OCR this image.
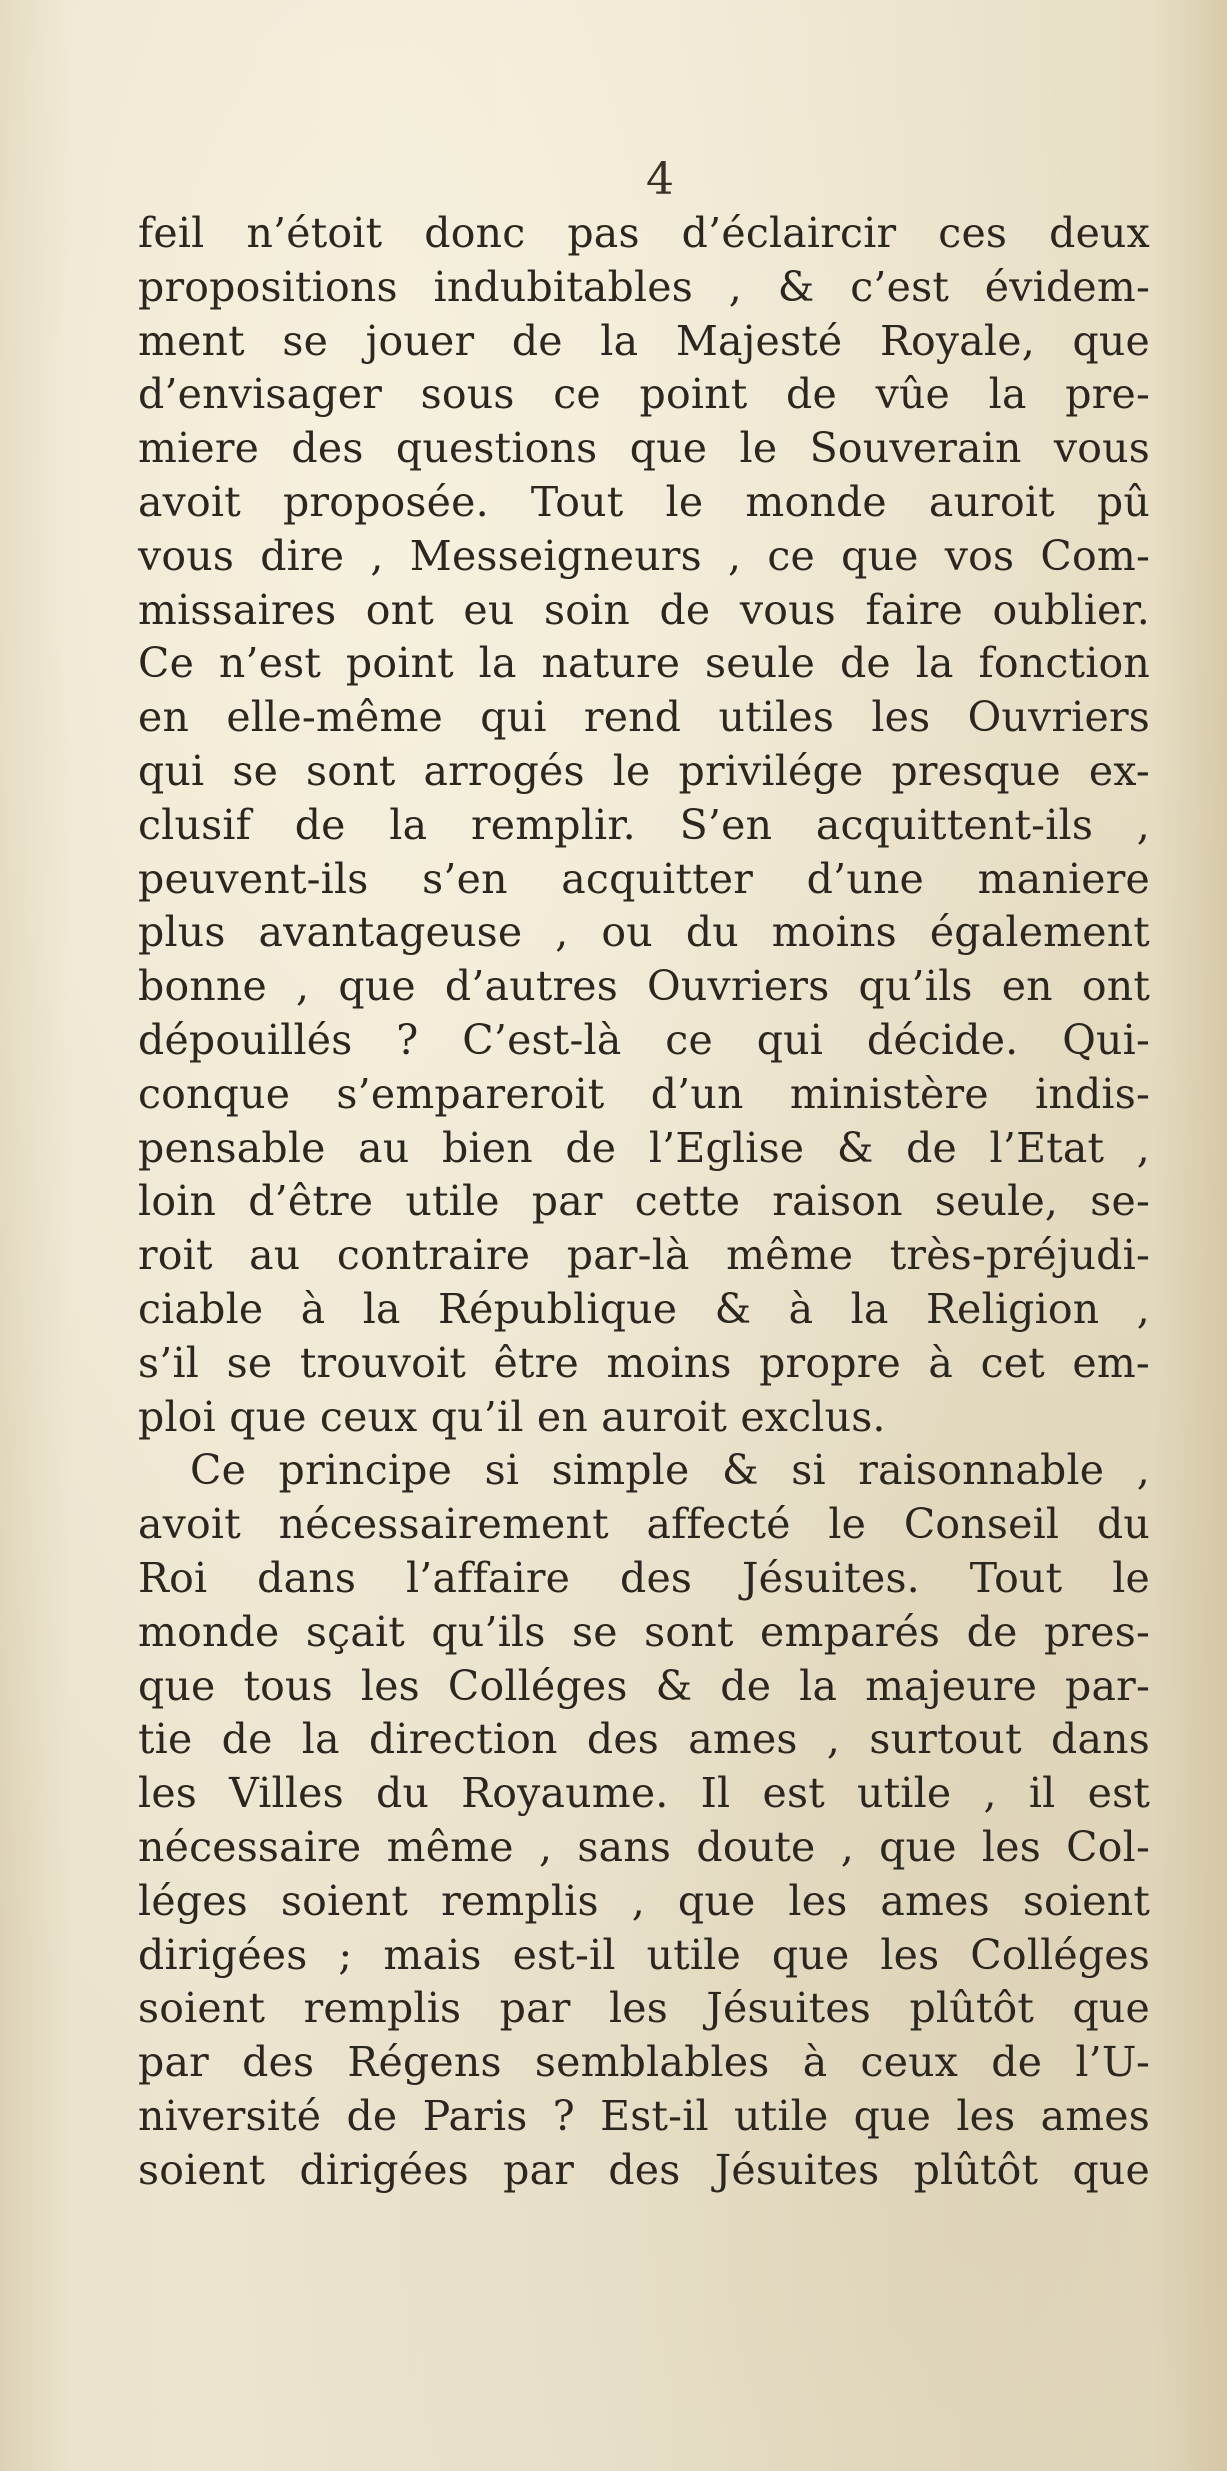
4
feil n’étoit donc pas d’éclaircir ces deux
propositions indubitables , & c’est évidem-
ment se jouer de la Majesté Royale, que
d’envisager sous ce point de vûe la pre-
miere des questions que le Souverain vous
avoit proposée. Tout le monde auroit pû
vous dire , Messeigneurs , ce que vos Com-
missaires ont eu soin de vous faire oublier.
Ce n’est point la nature seule de la fonction
en elle-même qui rend utiles les Ouvriers
qui se sont arrogés le privilége presque ex-
clusif de la remplir. S’en acquittent-ils ,
peuvent-ils s’en acquitter d’une maniere
plus avantageuse , ou du moins également
bonne , que d’autres Ouvriers qu’ils en ont
dépouillés ? C’est-là ce qui décide. Qui-
conque s’empareroit d’un ministère indis-
pensable au bien de l’Eglise & de l’Etat ,
loin d’être utile par cette raison seule, se-
roit au contraire par-là même très-préjudi-
ciable à la République & à la Religion ,
s’il se trouvoit être moins propre à cet em-
ploi que ceux qu’il en auroit exclus.
Ce principe si simple & si raisonnable ,
avoit nécessairement affecté le Conseil du
Roi dans l’affaire des Jésuites. Tout le
monde sçait qu’ils se sont emparés de pres-
que tous les Colléges & de la majeure par-
tie de la direction des ames , surtout dans
les Villes du Royaume. Il est utile , il est
nécessaire même , sans doute , que les Col-
léges soient remplis , que les ames soient
dirigées ; mais est-il utile que les Colléges
soient remplis par les Jésuites plûtôt que
par des Régens semblables à ceux de l’U-
niversité de Paris ? Est-il utile que les ames
soient dirigées par des Jésuites plûtôt que
